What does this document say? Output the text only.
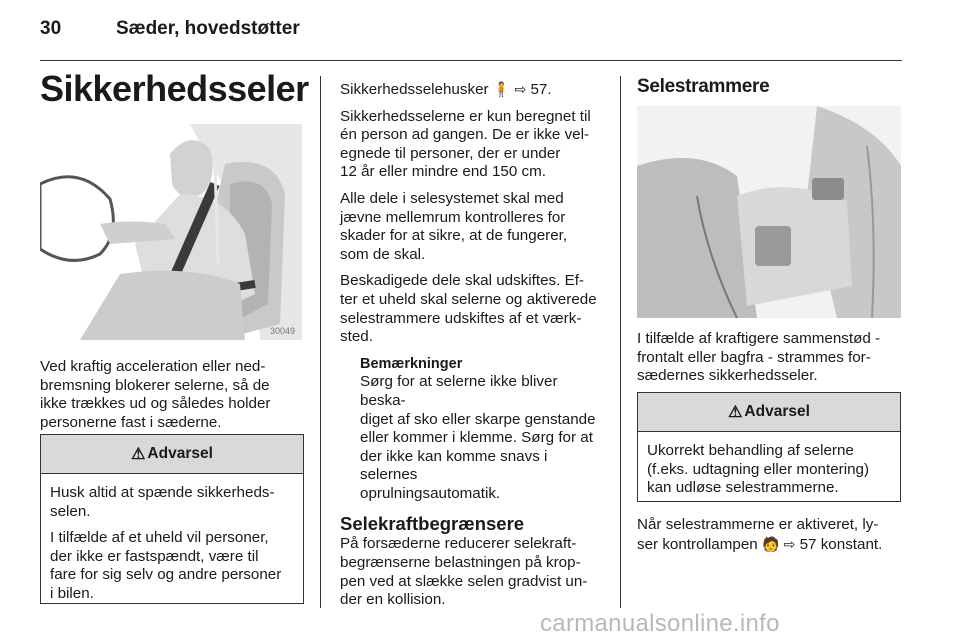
30	Sæder, hovedstøtter
Sikkerhedsseler
30049
Ved kraftig acceleration eller ned-
bremsning blokerer selerne, så de
ikke trækkes ud og således holder
personerne fast i sæderne.
⚠ Advarsel

Husk altid at spænde sikkerheds-
selen.

I tilfælde af et uheld vil personer,
der ikke er fastspændt, være til
fare for sig selv og andre personer
i bilen.

Sikkerhedsselehusker 🧍 ⇨ 57.

Sikkerhedsselerne er kun beregnet til
én person ad gangen. De er ikke vel-
egnede til personer, der er under
12 år eller mindre end 150 cm.

Alle dele i selesystemet skal med
jævne mellemrum kontrolleres for
skader for at sikre, at de fungerer,
som de skal.

Beskadigede dele skal udskiftes. Ef-
ter et uheld skal selerne og aktiverede
selestrammere udskiftes af et værk-
sted.

Bemærkninger
Sørg for at selerne ikke bliver beska-
diget af sko eller skarpe genstande
eller kommer i klemme. Sørg for at
der ikke kan komme snavs i selernes
oprulningsautomatik.
Selekraftbegrænsere

På forsæderne reducerer selekraft-
begrænserne belastningen på krop-
pen ved at slække selen gradvist un-
der en kollision.

Selestrammere
I tilfælde af kraftigere sammenstød -
frontalt eller bagfra - strammes for-
sædernes sikkerhedsseler.
⚠ Advarsel

Ukorrekt behandling af selerne
(f.eks. udtagning eller montering)
kan udløse selestrammerne.

Når selestrammerne er aktiveret, ly-
ser kontrollampen 🧑 ⇨ 57 konstant.
carmanualsonline.info
